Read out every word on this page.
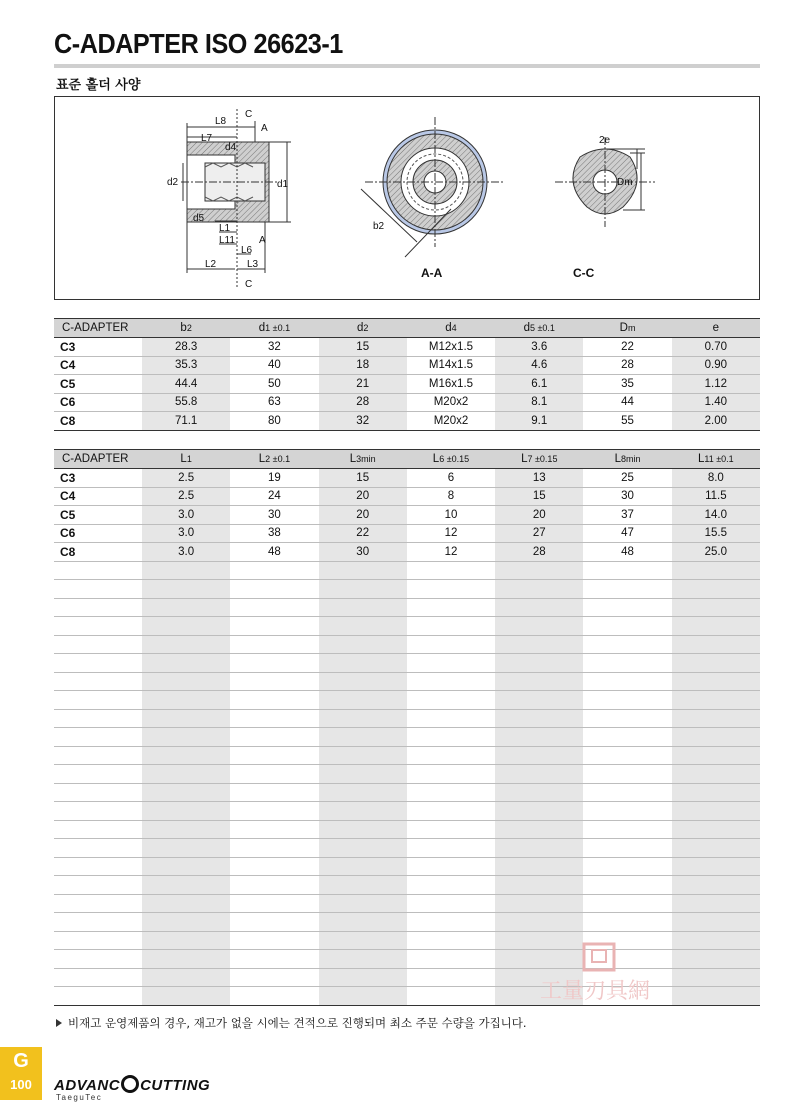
C-ADAPTER ISO 26623-1
표준 홀더 사양
L8
C
A
L7
d4
d2	d1
d5
L1
L11 A
L6
L2	L3
C
b2
A-A
2e
Dm
C-C
C-ADAPTER	b2	d1 ±0.1	d2	d4	d5 ±0.1	Dm	e
C3	28.3	32	15	M12x1.5	3.6	22	0.70
C4	35.3	40	18	M14x1.5	4.6	28	0.90
C5	44.4	50	21	M16x1.5	6.1	35	1.12
C6	55.8	63	28	M20x2	8.1	44	1.40
C8	71.1	80	32	M20x2	9.1	55	2.00
C-ADAPTER	L1	L2 ±0.1	L3min	L6 ±0.15	L7 ±0.15	L8min	L11 ±0.1
C3	2.5	19	15	6	13	25	8.0
C4	2.5	24	20	8	15	30	11.5
C5	3.0	30	20	10	20	37	14.0
C6	3.0	38	22	12	27	47	15.5
C8	3.0	48	30	12	28	48	25.0

비재고 운영제품의 경우, 재고가 없을 시에는 견적으로 진행되며 최소 주문 수량을 가집니다.
工量刃具網
G
100	ADVANC CUTTING
TaeguTec
